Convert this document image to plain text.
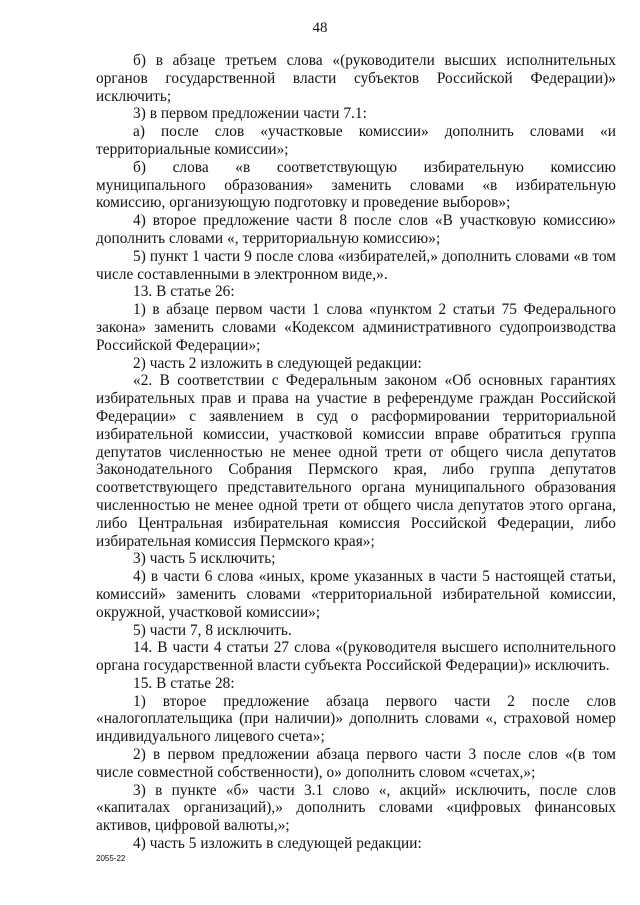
48

б) в абзаце третьем слова «(руководители высших исполнительных органов государственной власти субъектов Российской Федерации)» исключить;

3) в первом предложении части 7.1:

а) после слов «участковые комиссии» дополнить словами «и территориальные комиссии»;

б) слова «в соответствующую избирательную комиссию муниципального образования» заменить словами «в избирательную комиссию, организующую подготовку и проведение выборов»;

4) второе предложение части 8 после слов «В участковую комиссию» дополнить словами «, территориальную комиссию»;

5) пункт 1 части 9 после слова «избирателей,» дополнить словами «в том числе составленными в электронном виде,».

13. В статье 26:

1) в абзаце первом части 1 слова «пунктом 2 статьи 75 Федерального закона» заменить словами «Кодексом административного судопроизводства Российской Федерации»;

2) часть 2 изложить в следующей редакции:

«2. В соответствии с Федеральным законом «Об основных гарантиях избирательных прав и права на участие в референдуме граждан Российской Федерации» с заявлением в суд о расформировании территориальной избирательной комиссии, участковой комиссии вправе обратиться группа депутатов численностью не менее одной трети от общего числа депутатов Законодательного Собрания Пермского края, либо группа депутатов соответствующего представительного органа муниципального образования численностью не менее одной трети от общего числа депутатов этого органа, либо Центральная избирательная комиссия Российской Федерации, либо избирательная комиссия Пермского края»;

3) часть 5 исключить;

4) в части 6 слова «иных, кроме указанных в части 5 настоящей статьи, комиссий» заменить словами «территориальной избирательной комиссии, окружной, участковой комиссии»;

5) части 7, 8 исключить.

14. В части 4 статьи 27 слова «(руководителя высшего исполнительного органа государственной власти субъекта Российской Федерации)» исключить.

15. В статье 28:

1) второе предложение абзаца первого части 2 после слов «налогоплательщика (при наличии)» дополнить словами «, страховой номер индивидуального лицевого счета»;

2) в первом предложении абзаца первого части 3 после слов «(в том числе совместной собственности), о» дополнить словом «счетах,»;

3) в пункте «б» части 3.1 слово «, акций» исключить, после слов «капиталах организаций),» дополнить словами «цифровых финансовых активов, цифровой валюты,»;

4) часть 5 изложить в следующей редакции:

2055-22
